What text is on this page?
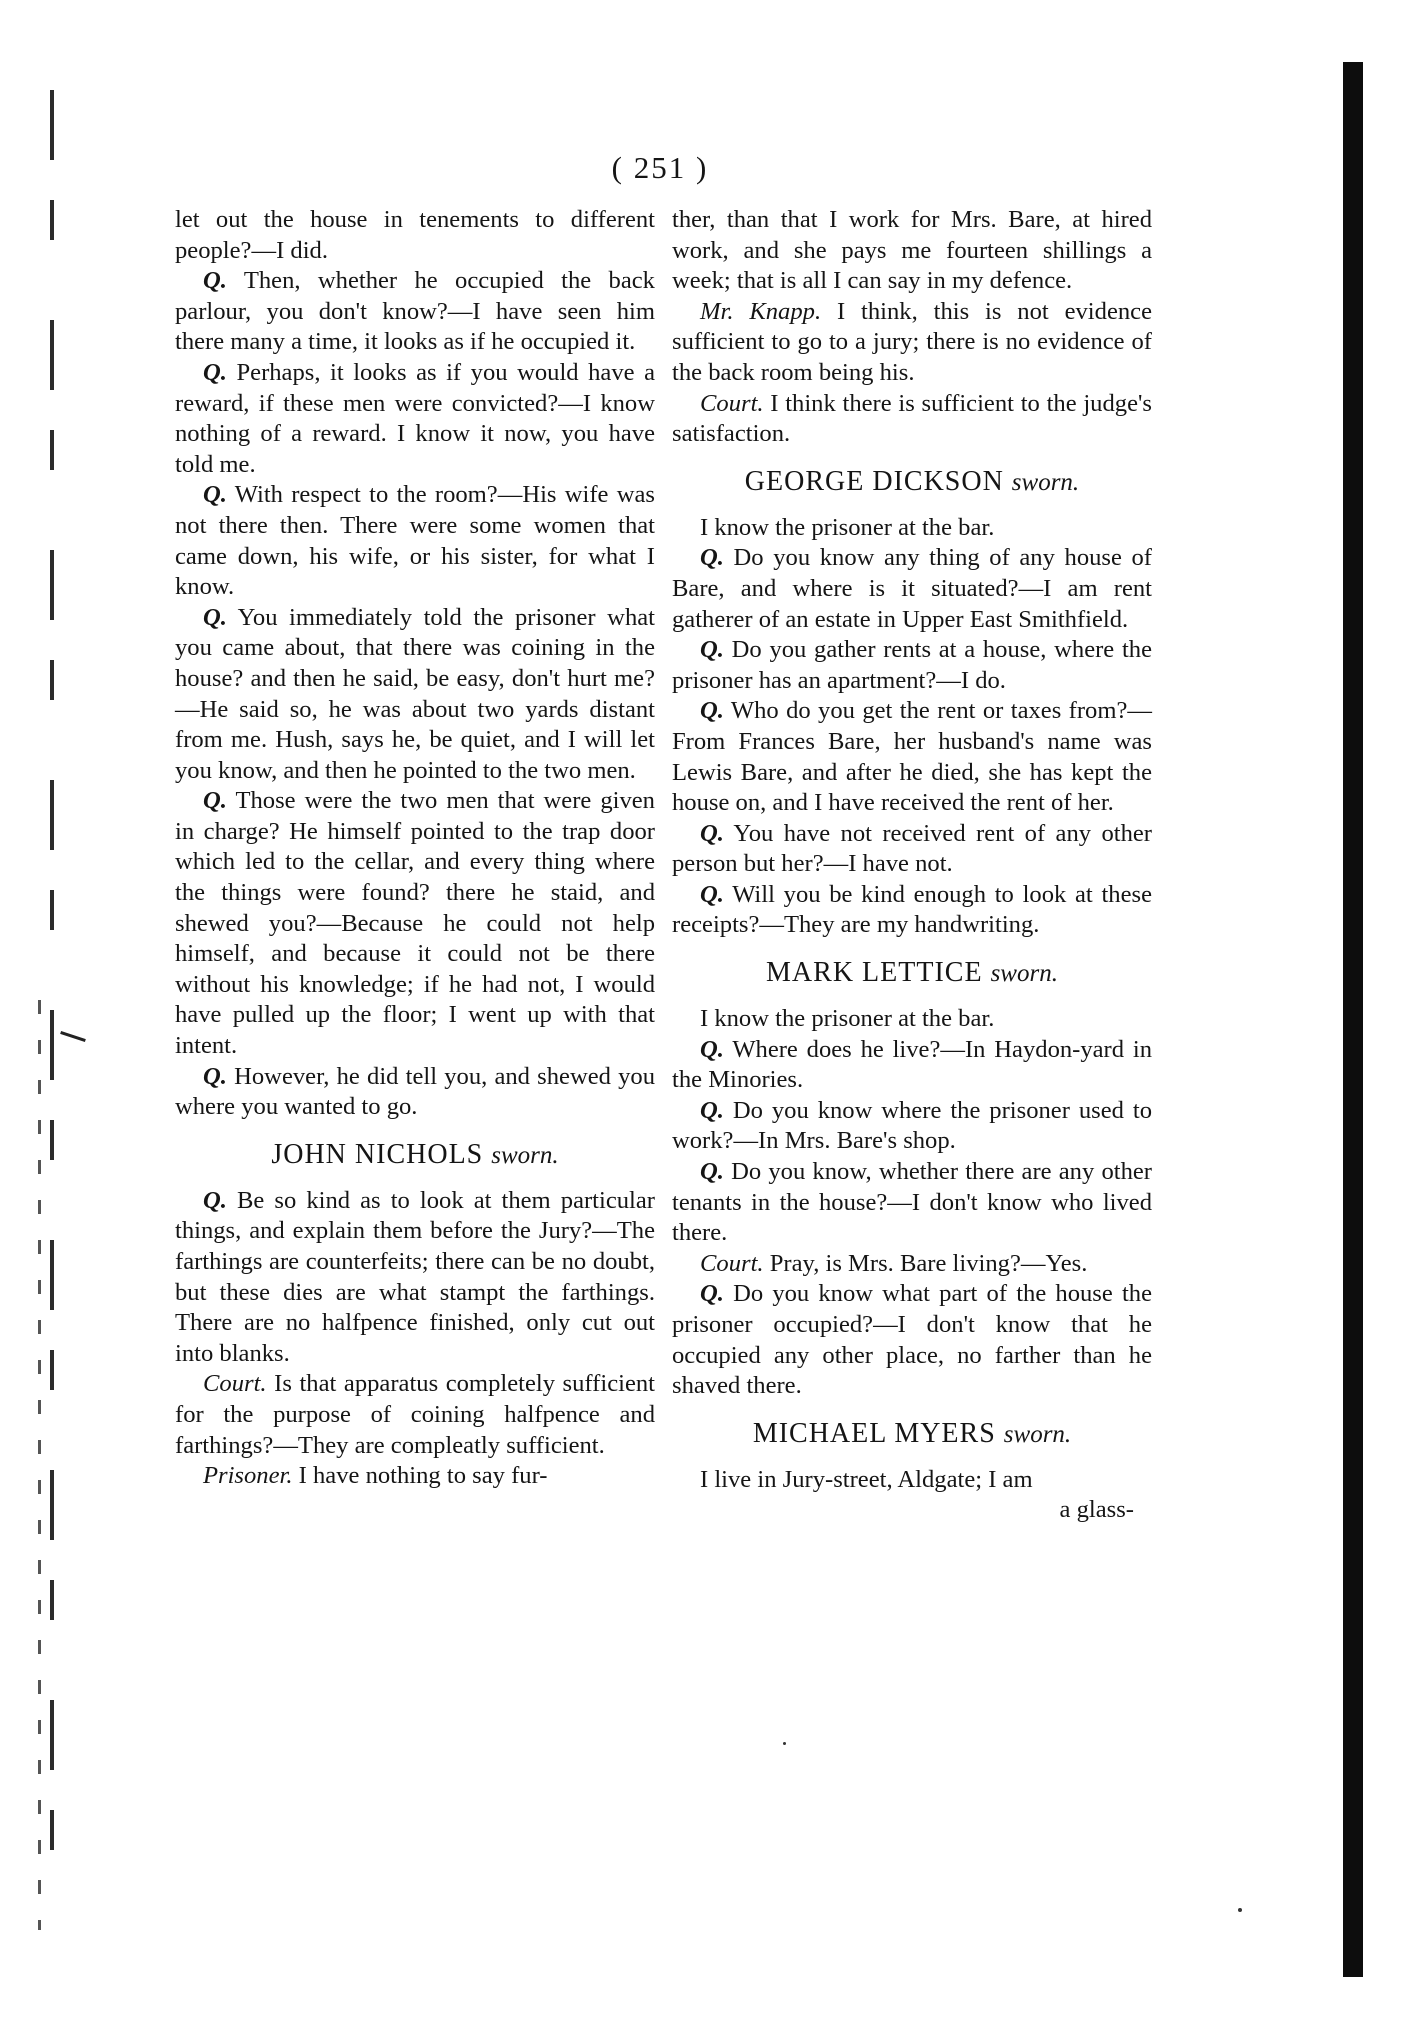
( 251 )

let out the house in tenements to different people?—I did.

Q. Then, whether he occupied the back parlour, you don't know?—I have seen him there many a time, it looks as if he occupied it.

Q. Perhaps, it looks as if you would have a reward, if these men were convicted?—I know nothing of a reward. I know it now, you have told me.

Q. With respect to the room?—His wife was not there then. There were some women that came down, his wife, or his sister, for what I know.

Q. You immediately told the prisoner what you came about, that there was coining in the house? and then he said, be easy, don't hurt me?—He said so, he was about two yards distant from me. Hush, says he, be quiet, and I will let you know, and then he pointed to the two men.

Q. Those were the two men that were given in charge? He himself pointed to the trap door which led to the cellar, and every thing where the things were found? there he staid, and shewed you?—Because he could not help himself, and because it could not be there without his knowledge; if he had not, I would have pulled up the floor; I went up with that intent.

Q. However, he did tell you, and shewed you where you wanted to go.

JOHN NICHOLS sworn.

Q. Be so kind as to look at them particular things, and explain them before the Jury?—The farthings are counterfeits; there can be no doubt, but these dies are what stampt the farthings. There are no halfpence finished, only cut out into blanks.

Court. Is that apparatus completely sufficient for the purpose of coining halfpence and farthings?—They are compleatly sufficient.

Prisoner. I have nothing to say fur-

ther, than that I work for Mrs. Bare, at hired work, and she pays me fourteen shillings a week; that is all I can say in my defence.

Mr. Knapp. I think, this is not evidence sufficient to go to a jury; there is no evidence of the back room being his.

Court. I think there is sufficient to the judge's satisfaction.

GEORGE DICKSON sworn.

I know the prisoner at the bar.

Q. Do you know any thing of any house of Bare, and where is it situated?—I am rent gatherer of an estate in Upper East Smithfield.

Q. Do you gather rents at a house, where the prisoner has an apartment?—I do.

Q. Who do you get the rent or taxes from?—From Frances Bare, her husband's name was Lewis Bare, and after he died, she has kept the house on, and I have received the rent of her.

Q. You have not received rent of any other person but her?—I have not.

Q. Will you be kind enough to look at these receipts?—They are my handwriting.

MARK LETTICE sworn.

I know the prisoner at the bar.

Q. Where does he live?—In Haydon-yard in the Minories.

Q. Do you know where the prisoner used to work?—In Mrs. Bare's shop.

Q. Do you know, whether there are any other tenants in the house?—I don't know who lived there.

Court. Pray, is Mrs. Bare living?—Yes.

Q. Do you know what part of the house the prisoner occupied?—I don't know that he occupied any other place, no farther than he shaved there.

MICHAEL MYERS sworn.

I live in Jury-street, Aldgate; I am

a glass-
